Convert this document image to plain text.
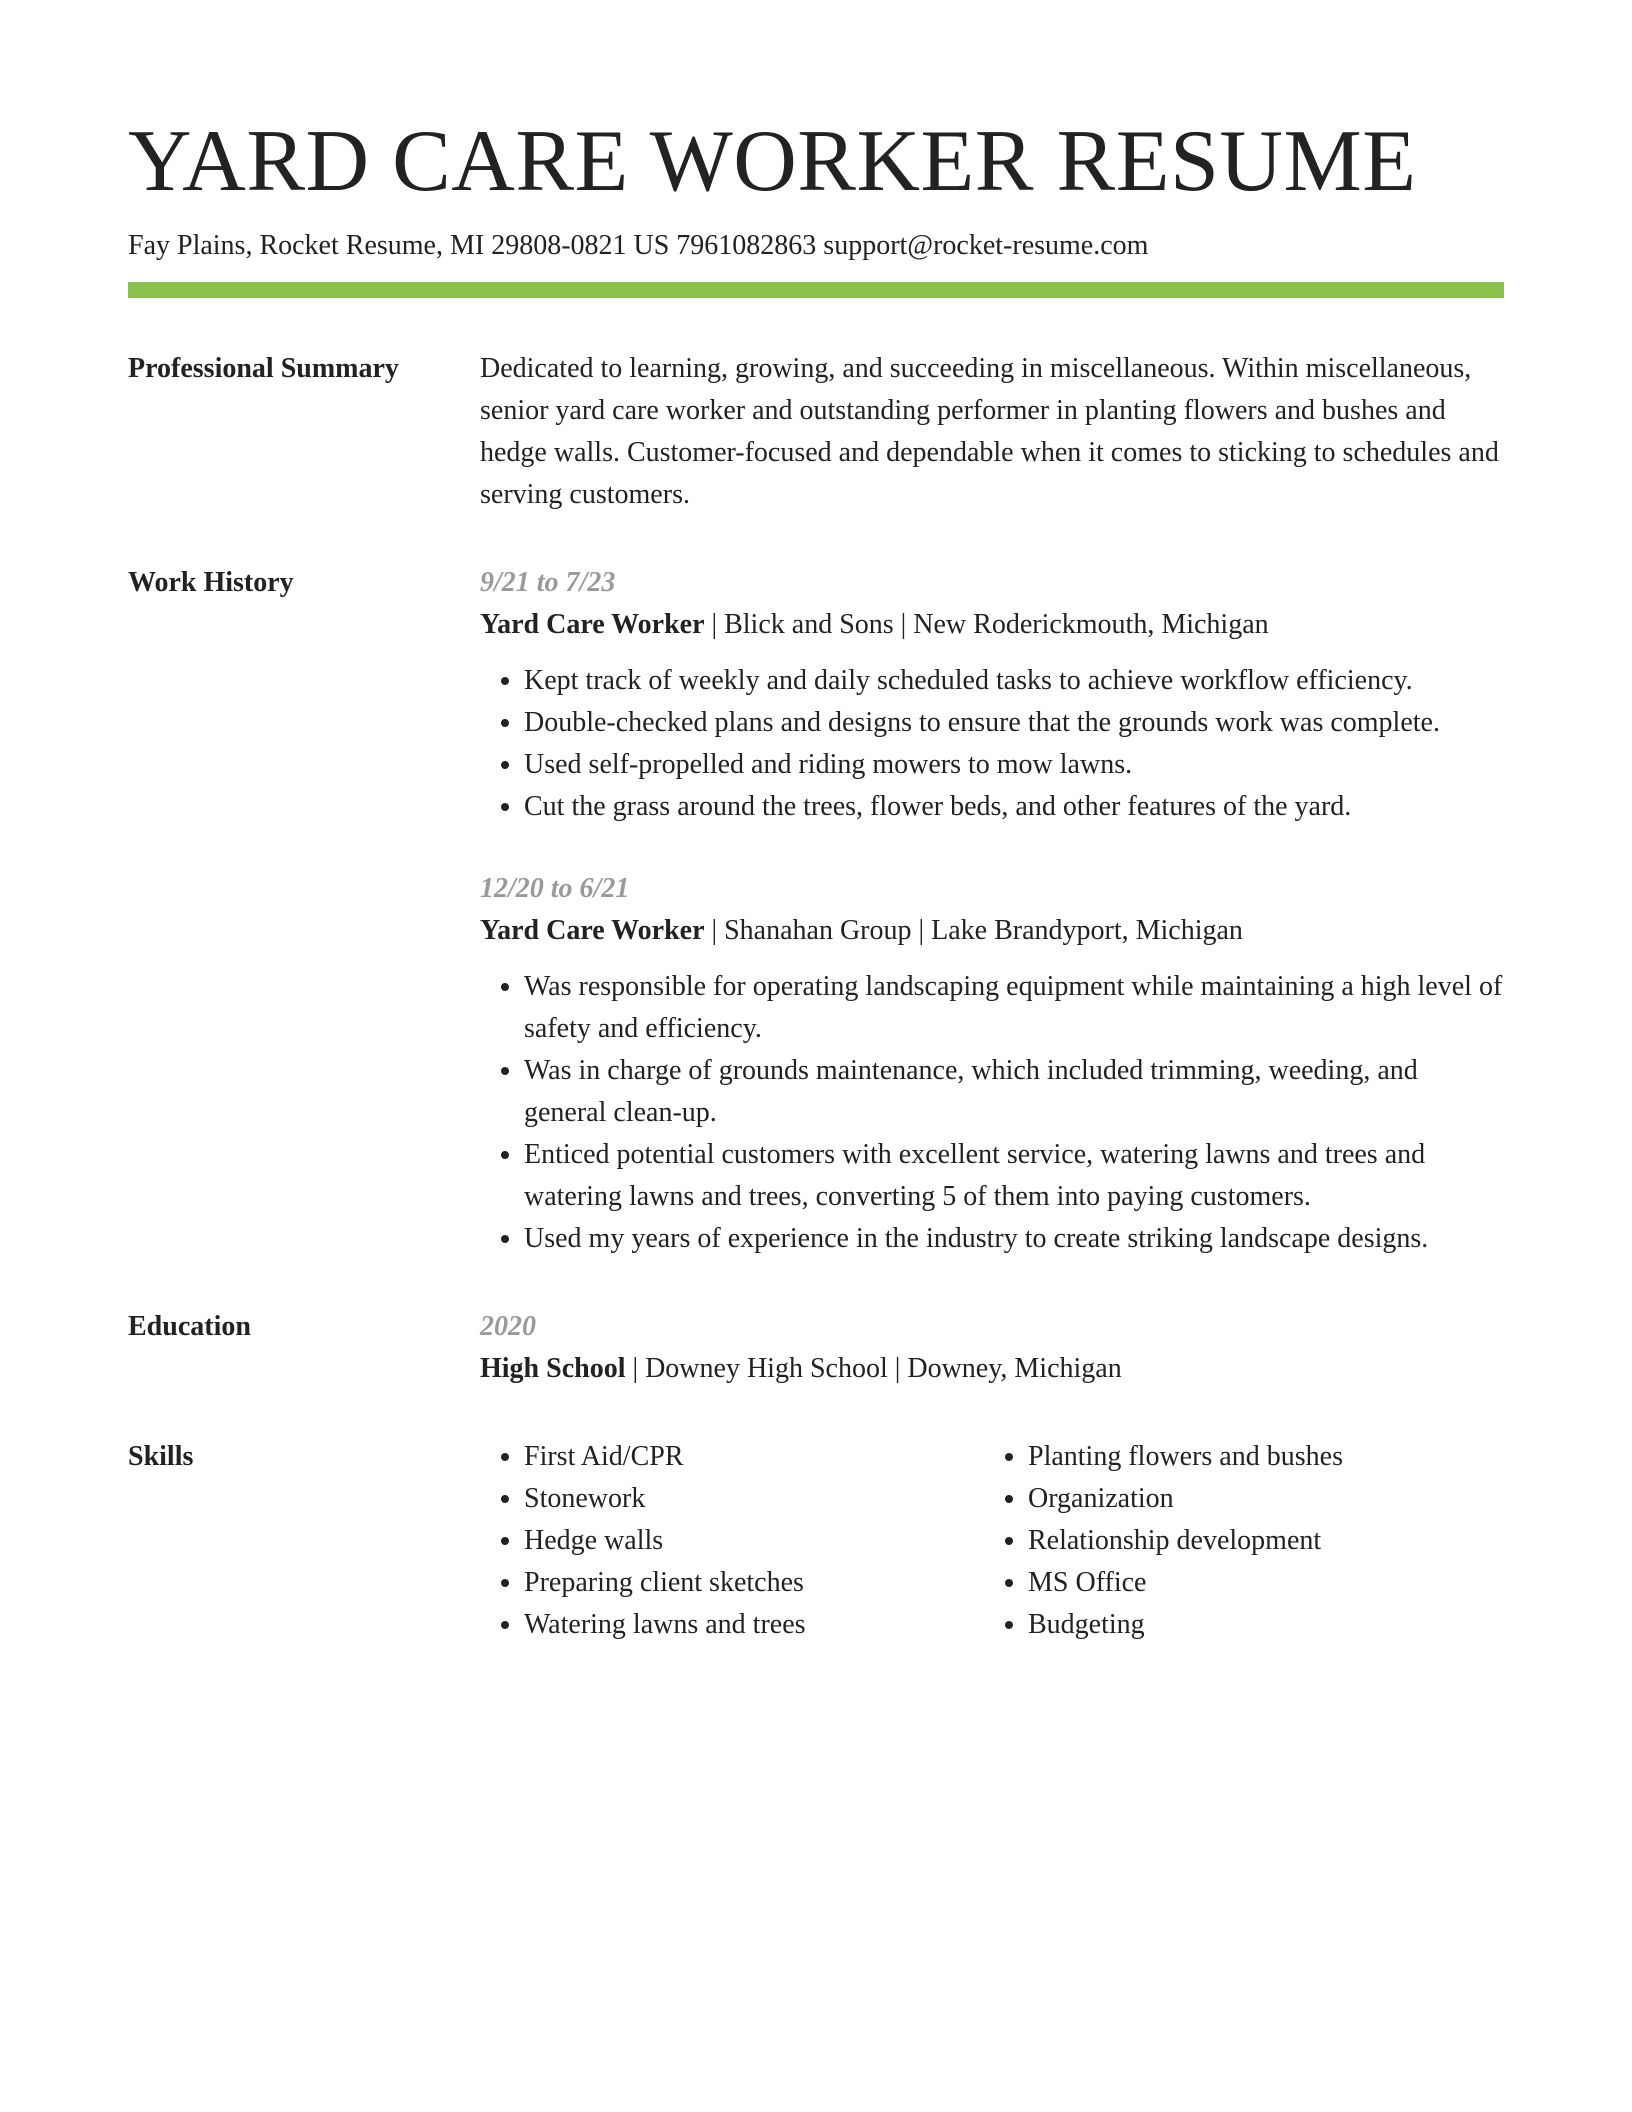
YARD CARE WORKER RESUME
Fay Plains, Rocket Resume, MI 29808-0821 US 7961082863 support@rocket-resume.com
Professional Summary	Dedicated to learning, growing, and succeeding in miscellaneous. Within miscellaneous, senior yard care worker and outstanding performer in planting flowers and bushes and hedge walls. Customer-focused and dependable when it comes to sticking to schedules and serving customers.
Work History	9/21 to 7/23
Yard Care Worker | Blick and Sons | New Roderickmouth, Michigan
• Kept track of weekly and daily scheduled tasks to achieve workflow efficiency.
• Double-checked plans and designs to ensure that the grounds work was complete.
• Used self-propelled and riding mowers to mow lawns.
• Cut the grass around the trees, flower beds, and other features of the yard.
12/20 to 6/21
Yard Care Worker | Shanahan Group | Lake Brandyport, Michigan
• Was responsible for operating landscaping equipment while maintaining a high level of safety and efficiency.
• Was in charge of grounds maintenance, which included trimming, weeding, and general clean-up.
• Enticed potential customers with excellent service, watering lawns and trees and watering lawns and trees, converting 5 of them into paying customers.
• Used my years of experience in the industry to create striking landscape designs.
Education	2020
High School | Downey High School | Downey, Michigan
Skills
•	First Aid/CPR
• Stonework
• Hedge walls
• Preparing client sketches
• Watering lawns and trees
• Planting flowers and bushes
• Organization
• Relationship development
• MS Office
• Budgeting
